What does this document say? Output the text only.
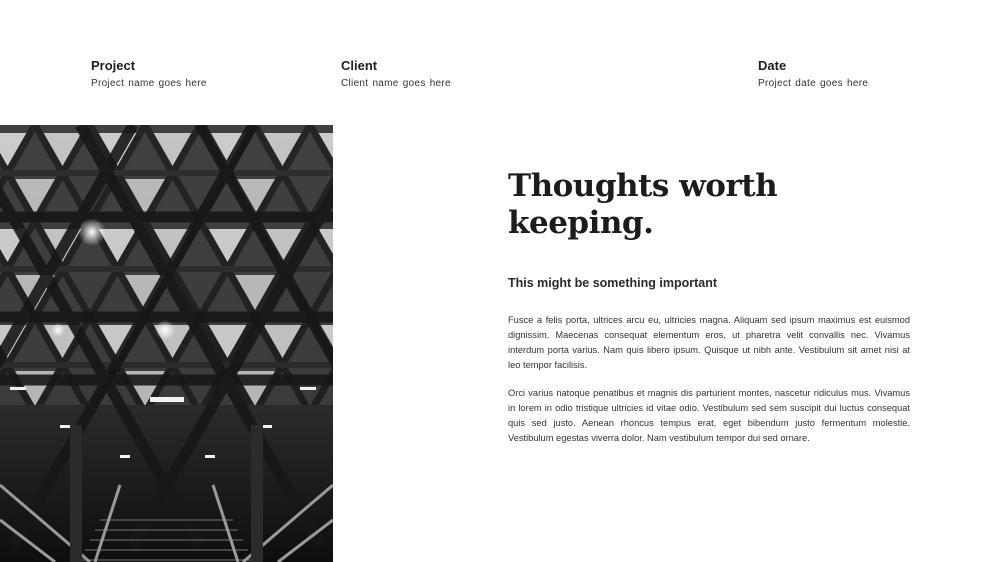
Project
Project name goes here
Client
Client name goes here
Date
Project date goes here
Thoughts worth keeping.
This might be something important
Fusce a felis porta, ultrices arcu eu, ultricies magna. Aliquam sed ipsum maximus est euismod dignissim. Maecenas consequat elementum eros, ut pharetra velit convallis nec. Vivamus interdum porta varius. Nam quis libero ipsum. Quisque ut nibh ante. Vestibulum sit amet nisi at leo tempor facilisis.
Orci varius natoque penatibus et magnis dis parturient montes, nascetur ridiculus mus. Vivamus in lorem in odio tristique ultricies id vitae odio. Vestibulum sed sem suscipit dui luctus consequat quis sed justo. Aenean rhoncus tempus erat, eget bibendum justo fermentum molestie. Vestibulum egestas viverra dolor. Nam vestibulum tempor dui sed ornare.
